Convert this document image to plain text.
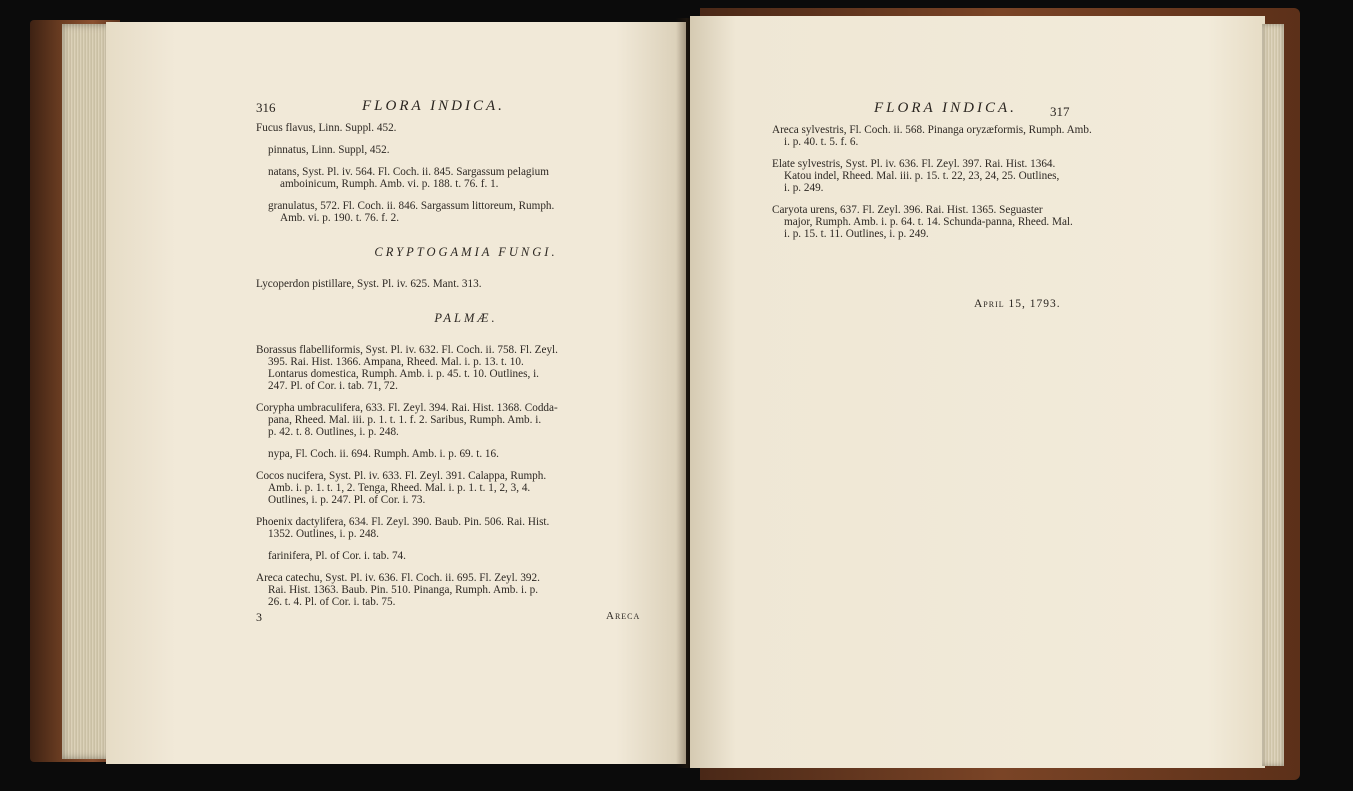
316	FLORA INDICA.
Fucus flavus, Linn. Suppl. 452.
pinnatus, Linn. Suppl, 452.
natans, Syst. Pl. iv. 564. Fl. Coch. ii. 845. Sargassum pelagium
amboinicum, Rumph. Amb. vi. p. 188. t. 76. f. 1.
granulatus, 572. Fl. Coch. ii. 846. Sargassum littoreum, Rumph.
Amb. vi. p. 190. t. 76. f. 2.
CRYPTOGAMIA FUNGI.
Lycoperdon pistillare, Syst. Pl. iv. 625. Mant. 313.
PALMÆ.
Borassus flabelliformis, Syst. Pl. iv. 632. Fl. Coch. ii. 758. Fl. Zeyl.
395. Rai. Hist. 1366. Ampana, Rheed. Mal. i. p. 13. t. 10.
Lontarus domestica, Rumph. Amb. i. p. 45. t. 10. Outlines, i.
247. Pl. of Cor. i. tab. 71, 72.
Corypha umbraculifera, 633. Fl. Zeyl. 394. Rai. Hist. 1368. Codda-
pana, Rheed. Mal. iii. p. 1. t. 1. f. 2. Saribus, Rumph. Amb. i.
p. 42. t. 8. Outlines, i. p. 248.
nypa, Fl. Coch. ii. 694. Rumph. Amb. i. p. 69. t. 16.
Cocos nucifera, Syst. Pl. iv. 633. Fl. Zeyl. 391. Calappa, Rumph.
Amb. i. p. 1. t. 1, 2. Tenga, Rheed. Mal. i. p. 1. t. 1, 2, 3, 4.
Outlines, i. p. 247. Pl. of Cor. i. 73.
Phoenix dactylifera, 634. Fl. Zeyl. 390. Baub. Pin. 506. Rai. Hist.
1352. Outlines, i. p. 248.
farinifera, Pl. of Cor. i. tab. 74.
Areca catechu, Syst. Pl. iv. 636. Fl. Coch. ii. 695. Fl. Zeyl. 392.
Rai. Hist. 1363. Baub. Pin. 510. Pinanga, Rumph. Amb. i. p.
26. t. 4. Pl. of Cor. i. tab. 75.
3	Areca
FLORA INDICA.	317
Areca sylvestris, Fl. Coch. ii. 568. Pinanga oryzæformis, Rumph. Amb.
i. p. 40. t. 5. f. 6.
Elate sylvestris, Syst. Pl. iv. 636. Fl. Zeyl. 397. Rai. Hist. 1364.
Katou indel, Rheed. Mal. iii. p. 15. t. 22, 23, 24, 25. Outlines,
i. p. 249.
Caryota urens, 637. Fl. Zeyl. 396. Rai. Hist. 1365. Seguaster
major, Rumph. Amb. i. p. 64. t. 14. Schunda-panna, Rheed. Mal.
i. p. 15. t. 11. Outlines, i. p. 249.
April 15, 1793.
